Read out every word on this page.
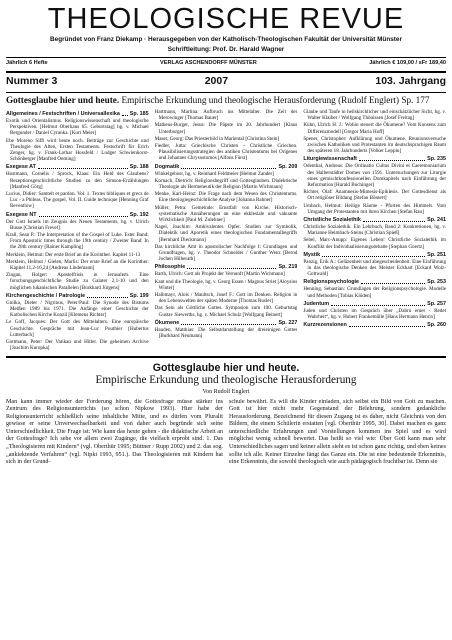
THEOLOGISCHE REVUE
Begründet von Franz Diekamp · Herausgegeben von der Katholisch-Theologischen Fakultät der Universität Münster
Schriftleitung: Prof. Dr. Harald Wagner
Jährlich 6 Hefte	VERLAG ASCHENDORFF MÜNSTER	Jährlich € 109,00 / sFr 189,40
Nummer 3	2007	103. Jahrgang
Gottesglaube hier und heute. Empirische Erkundung und theologische Herausforderung (Rudolf Englert) Sp. 177
Allgemeines / Festschriften / Universallexika Sp. 185

Exotik und Orientalismus. Religionswissenschaft und theologische Perspektiven. [Helmut Oberhaus 65. Geburtstag] hg. v. Michael Bergunder / Daniel Cyranka. [Kurt Meier]

Ebe Moreno Siffi wird heute noch. Beiträge zur Geschichte und Theologie des Alten, Ersten Testaments. Festschrift für Erich Zenger, hg. v. Frank-Lothar Hossfeld / Ludger Schwienhorst-Schönberger [Manfred Oeming]

Exegese AT	Sp. 188

Hostmann, Cornelis / Sprock, Klaas: Ein Held des Glaubens? Rezeptionsgeschichtliche Studien zu den Simson-Erzählungen [Manfred Görg]

Lucius, Didier: Samtelt et pardon. Vol. 1. Textes bibliques et grecs de Luc - a Phileas. The gospel, Vol. II. Guide technique [Henning Graf Reventlow]

Exegese NT	Sp. 192

Der Gott Israels im Zeugnis des Neuen Testaments, hg. v. Ulrich Busse [Christian Frevel]

Krall, Sean P.: The Interpretation of the Gospel of Luke. Ester Band: From Apostolic times through the 19th century / Zweiter Band: In the 20th century [Rainer Kampling]

Merklein, Helmut: Der erste Brief an die Korinther. Kapitel 11-13

Merklein, Helmut / Gielen, Marlis: Der erste Brief an die Korinther. Kapitel 11,2-16,24 [Andreas Lindemann]

Zingan, Holger: Apostelfrisis in Jerusalem. Eine forschungsgeschichtliche Studie zu Galater 2,1-10 und den möglichen lukanischen Parallelen [Burkhard Jürgens]

Kirchengeschichte / Patrologie	Sp. 199

Gnilka, Dieter / Nigrinus, Peter/Paul: Die Synode des Bistums Meißen 1989 bis 1971. Die Anfänge einer Geschichte der Katholischen Kirche Konzil [Klemens Richter]

Le Goff, Jacques: Der Gott des Mittelalters. Eine europäische Geschichte. Gespräche mit Jean-Luc Pouthier [Hubertus Lutterbach]

Gottmann, Peter: Der Vatikan und Hitler. Die geheimen Archive [Joachim Kuropka]

Hartmann, Martina: Aufbruch ins Mittelalter. Die Zeit der Merowinger [Thomas Bauer]

Matheus-Burger, Jesus: Die Päpste im 20. Jahrhundert [Klaus Unterburger]

Maser, Georg: Das Priesterbild in Mariental [Christina Stein]

Fiedler, Jutta: Griechische Christen - Christliche Griechen. Plausibilisierungsstrategien des antiken Christentums bei Origenes und Johannes Chrysostomos [Alfons Fürst]

Dogmatik	Sp. 209

Winkelgebust, hg. v. Reinhard Feldmeier [Helmut Zander]

Kornach, Dietrich: Religionsbegriff und Gottesglauben. Dialektische Theologie als Hermeneutik der Religion [Martin Wichmann]

Menke, Karl-Heinz: Die Frage nach dem Wesen des Christentums. Eine theologiegeschichtliche Analyse [Johanna Rahner]

Müller, Petra: Gemeinde: Ernstfall von Kirche. Historisch-systematische Annäherungen an eine ekklesiale und vakuante Wirklichkeit [Paul M. Zulehner]

Nagel, Joachim: Ambivalentes Opfer. Studien zur Symbolik, Dialektik und Aporetik eines theologischen Fundamentalbegriffs [Bernhard Dieckmann]

Das kirchliche Amt in apostolischer Nachfolge I: Grundlagen und Grundfragen, hg. v. Theodor Schneider / Gunther Wenz [Bernd Jochen Hilberath]

Philosophie	Sp. 219

Barth, Ulrich: Gott als Projekt der Vernunft [Martin Wichmann]

Kant und die Theologie, hg. v. Georg Essen / Magnus Striet [Aloysius Winter]

Halbmayr, Alois / Maultsch, Josef F.: Gott im Denken. Religion in den Lebenswelten der späten Moderne [Thomas Rusler]

Das Sein als Göttliche Gottes. Symposion zum 100. Geburtstag Gustav Siewerths, hg. v. Michael Schulz [Wolfgang Beinert]

Ökumene	Sp. 227

Hauden, Matthias: Die Selbstdarstellung der dreieinigen Gottes [Burkhard Neumann]

Glaube und Taufe in heilskirchlicher und einschätzlicher Sicht, hg. v. Walter Klaiber / Wolfgang Thönissen [Josef Freitag]

Kühn, Ulrich H. J.: Wohin steuert die Ökumene? Vom Konsens zum Differenzmodell [Gregor Maria Hoff]

Spener, Christopher: Aufklärung und Ökumene. Reunionsversuche zwischen Katholiken und Protestanten im deutschsprachigen Raum des späteren 18. Jahrhunderts [Volker Leppin]

Liturgiewissenschaft	Sp. 235

Odenthal, Andreas: Die Ordinatio Cultus Divini et Caeremoniarium des Halberstädter Domes von 1591. Untersuchungen zur Liturgie eines gemischtkonfessionellen Domkapitels nach Einführung der Reformation [Harald Buchinger]

Richter, Olaf: Anamnesis-Mimesis-Epiklesis. Der Gottesdienst als Ort religiöser Bildung [Stefan Böntert]

Umbach, Helmut: Heilige Räume - Pforten des Himmels. Vom Umgang der Protestanten mit ihren Kirchen [Stefan Rau]

Christliche Sozialethik	Sp. 241

Christliche Sozialethik. Ein Lehrbuch, Band 2: Konkretionen, hg. v. Marianne Heimbach-Steins [Christian Spieß]

Sebel, Marc-Anupp: Eigenes Leben! Christliche Sozialethik im Konflikt der Individualisierungsdebatte [Stephan Goertz]

Mystik	Sp. 251

Panzig, Erik A.: Gelâzenheit und abegescheidenheit. Eine Einführung in das theologische Denken des Meister Eckhart [Eckard Wolz-Gottwald]

Religionspsychologie	Sp. 253

Henning, Sebastian: Grundlagen der Religionspsychologie. Modelle und Methoden [Tobias Klöden]

Judentum	Sp. 257

Juden und Christen im Gespräch über „Dabru emet - Redet Wahrheit“, hg. v. Hubert Frankemölle [Hans Hermann Henrix]

Kurzrezensionen	Sp. 260
Gottesglaube hier und heute.
Empirische Erkundung und theologische Herausforderung
Von Rudolf Englert
Man kann immer wieder der Forderung hören, die Gottesfrage müsse stärker ins Zentrum des Religionsunterrichts (so schon Nipkow 1993). Hier habe der Religionsunterricht schließlich seine inhaltliche Mitte, und es dürfen vom Pluralit gewisse er seine Unverwechselbarkeit und von daher auch begründe sich seine Unterschiedlichkeit. Die Frage ist: Wie kann das heute gehen - die didaktische Arbeit an der Gottesfrage? Ich sehe vor allem zwei Zugänge, die vielfach erprobt sind. 1. Das „Theologisieren mit Kindern“ (vgl. Oberthür 1995; Büttner / Rupp 2002) und 2. das sog. „ankiektende Verfahren“ (vgl. Nipki 1993, 951.). Das Theologisieren mit Kindern hat sich in der Grund-
schule bewährt. Es will die Kinder einladen, sich selbst ein Bild von Gott zu machen. Gott ist hier nicht mehr Gegenstand der Belehrung, sondern gedankliche Herausforderung. Bezeichnend für diesen Zugang ist es daher, nicht Gleichnis von den Bildern, die einem Schülerin erstatten [vgl. Oberthür 1995, 30]. Dabei machen es ganz unterschiedliche Erfahrungen und Vorstellungen kommen ins Spiel und es wird möglichst wenig schnell bewertet. Das heißt so viel wie: Über Gott kann man sehr Unterschiedliches sagen und keiner allein sieht es ist schon ganz richtig, und eben keines sollte ich alle. Keiner Einzelne fängt das Ganze ein. Die ist eine bedeutende Erkenntnis, eine Erkenntnis, die sowohl theologisch wie auch pädagogisch fruchtbar ist. Denn sie
